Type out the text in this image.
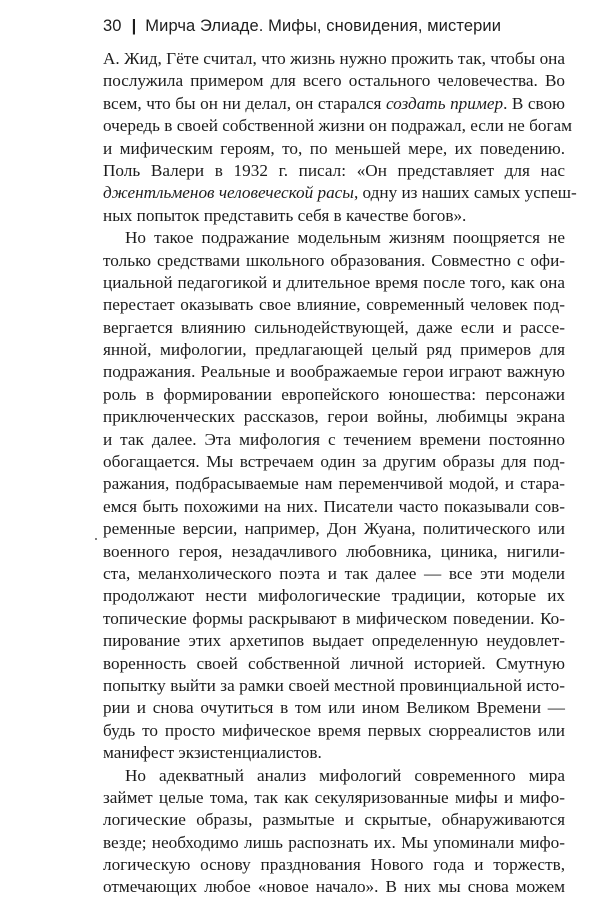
30 | Мирча Элиаде. Мифы, сновидения, мистерии
А. Жид, Гёте считал, что жизнь нужно прожить так, чтобы она
послужила примером для всего остального человечества. Во
всем, что бы он ни делал, он старался создать пример. В свою
очередь в своей собственной жизни он подражал, если не богам
и мифическим героям, то, по меньшей мере, их поведению.
Поль Валери в 1932 г. писал: «Он представляет для нас
джентльменов человеческой расы, одну из наших самых успеш-
ных попыток представить себя в качестве богов».
Но такое подражание модельным жизням поощряется не
только средствами школьного образования. Совместно с офи-
циальной педагогикой и длительное время после того, как она
перестает оказывать свое влияние, современный человек под-
вергается влиянию сильнодействующей, даже если и рассе-
янной, мифологии, предлагающей целый ряд примеров для
подражания. Реальные и воображаемые герои играют важную
роль в формировании европейского юношества: персонажи
приключенческих рассказов, герои войны, любимцы экрана
и так далее. Эта мифология с течением времени постоянно
обогащается. Мы встречаем один за другим образы для под-
ражания, подбрасываемые нам переменчивой модой, и стара-
емся быть похожими на них. Писатели часто показывали сов-
ременные версии, например, Дон Жуана, политического или
военного героя, незадачливого любовника, циника, нигили-
ста, меланхолического поэта и так далее — все эти модели
продолжают нести мифологические традиции, которые их
топические формы раскрывают в мифическом поведении. Ко-
пирование этих архетипов выдает определенную неудовлет-
воренность своей собственной личной историей. Смутную
попытку выйти за рамки своей местной провинциальной исто-
рии и снова очутиться в том или ином Великом Времени —
будь то просто мифическое время первых сюрреалистов или
манифест экзистенциалистов.
Но адекватный анализ мифологий современного мира
займет целые тома, так как секуляризованные мифы и мифо-
логические образы, размытые и скрытые, обнаруживаются
везде; необходимо лишь распознать их. Мы упоминали мифо-
логическую основу празднования Нового года и торжеств,
отмечающих любое «новое начало». В них мы снова можем
